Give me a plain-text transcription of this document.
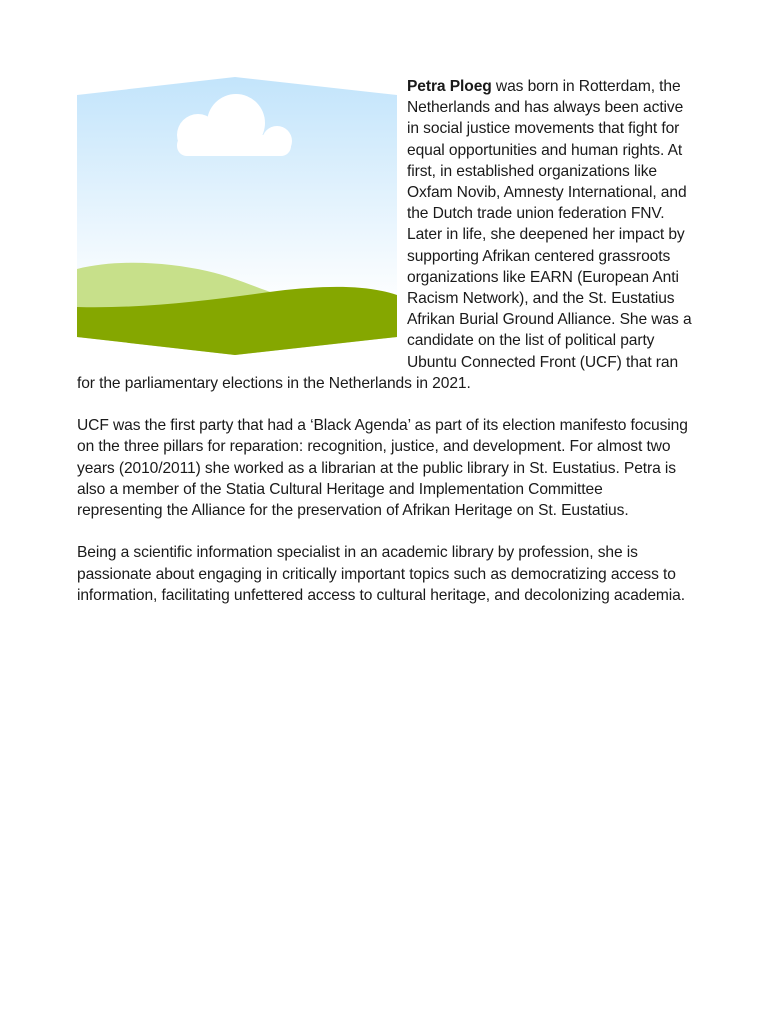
Petra Ploeg was born in Rotterdam, the Netherlands and has always been active in social justice movements that fight for equal opportunities and human rights. At first, in established organizations like Oxfam Novib, Amnesty International, and the Dutch trade union federation FNV. Later in life, she deepened her impact by supporting Afrikan centered grassroots organizations like EARN (European Anti Racism Network), and the St. Eustatius Afrikan Burial Ground Alliance. She was a candidate on the list of political party Ubuntu Connected Front (UCF) that ran for the parliamentary elections in the Netherlands in 2021.

UCF was the first party that had a ‘Black Agenda’ as part of its election manifesto focusing on the three pillars for reparation: recognition, justice, and development. For almost two years (2010/2011) she worked as a librarian at the public library in St. Eustatius. Petra is also a member of the Statia Cultural Heritage and Implementation Committee representing the Alliance for the preservation of Afrikan Heritage on St. Eustatius.

Being a scientific information specialist in an academic library by profession, she is passionate about engaging in critically important topics such as democratizing access to information, facilitating unfettered access to cultural heritage, and decolonizing academia.
